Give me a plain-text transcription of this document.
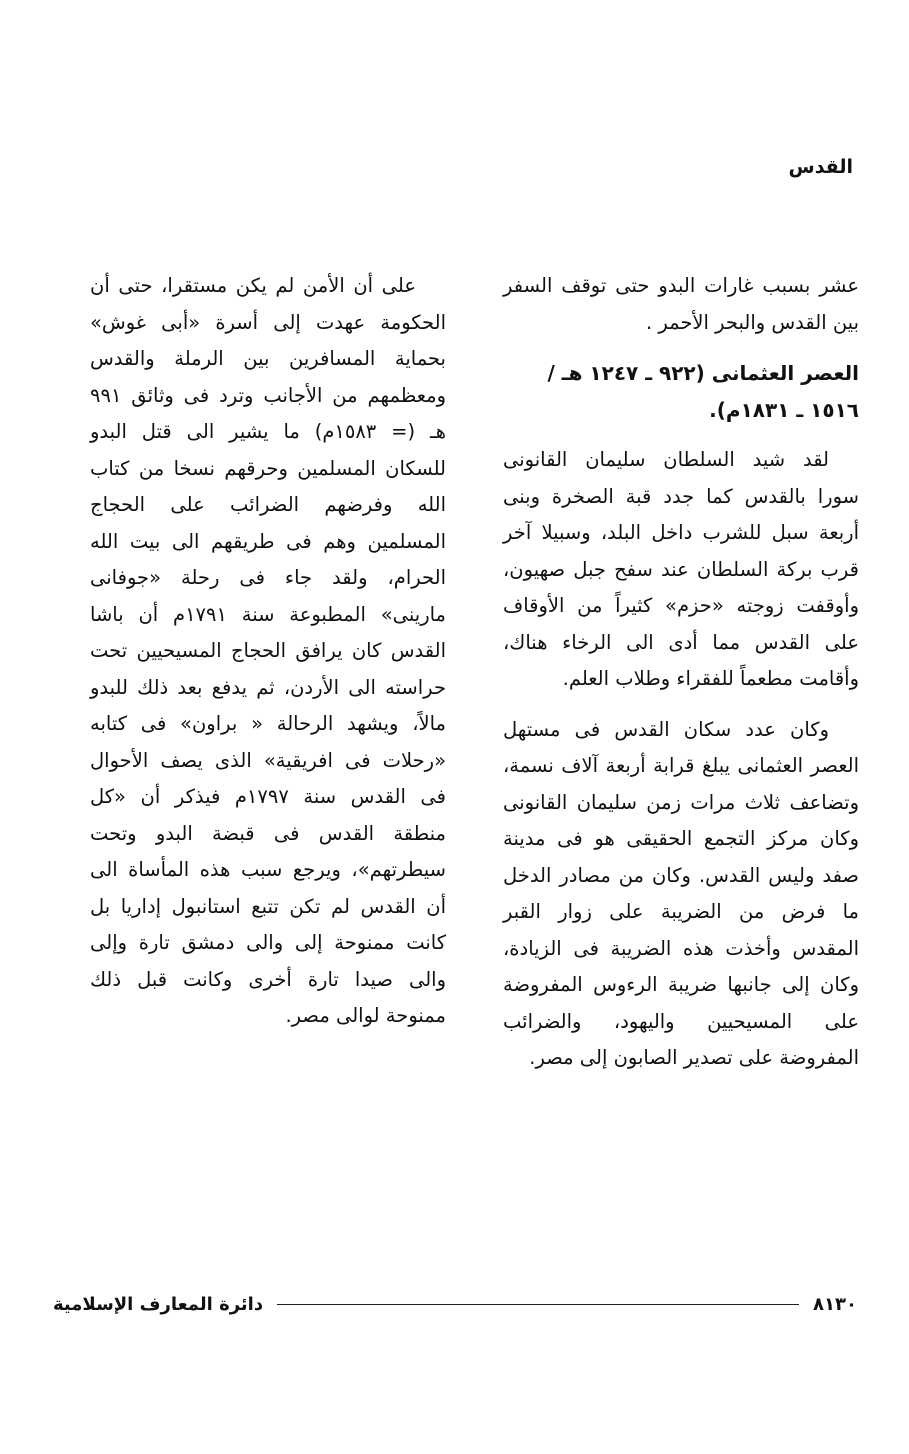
القدس

عشر بسبب غارات البدو حتى توقف السفر بين القدس والبحر الأحمر .

العصر العثمانى (٩٢٢ ـ ١٢٤٧ هـ / ١٥١٦ ـ ١٨٣١م).

لقد شيد السلطان سليمان القانونى سورا بالقدس كما جدد قبة الصخرة وبنى أربعة سبل للشرب داخل البلد، وسبيلا آخر قرب بركة السلطان عند سفح جبل صهيون، وأوقفت زوجته «حزم» كثيراً من الأوقاف على القدس مما أدى الى الرخاء هناك، وأقامت مطعماً للفقراء وطلاب العلم.

وكان عدد سكان القدس فى مستهل العصر العثمانى يبلغ قرابة أربعة آلاف نسمة، وتضاعف ثلاث مرات زمن سليمان القانونى وكان مركز التجمع الحقيقى هو فى مدينة صفد وليس القدس. وكان من مصادر الدخل ما فرض من الضريبة على زوار القبر المقدس وأخذت هذه الضريبة فى الزيادة، وكان إلى جانبها ضريبة الرءوس المفروضة على المسيحيين واليهود، والضرائب المفروضة على تصدير الصابون إلى مصر.

على أن الأمن لم يكن مستقرا، حتى أن الحكومة عهدت إلى أسرة «أبى غوش» بحماية المسافرين بين الرملة والقدس ومعظمهم من الأجانب وترد فى وثائق ٩٩١ هـ (= ١٥٨٣م) ما يشير الى قتل البدو للسكان المسلمين وحرقهم نسخا من كتاب الله وفرضهم الضرائب على الحجاج المسلمين وهم فى طريقهم الى بيت الله الحرام، ولقد جاء فى رحلة «جوفانى مارينى» المطبوعة سنة ١٧٩١م أن باشا القدس كان يرافق الحجاج المسيحيين تحت حراسته الى الأردن، ثم يدفع بعد ذلك للبدو مالاً، ويشهد الرحالة « براون» فى كتابه «رحلات فى افريقية» الذى يصف الأحوال فى القدس سنة ١٧٩٧م فيذكر أن «كل منطقة القدس فى قبضة البدو وتحت سيطرتهم»، ويرجع سبب هذه المأساة الى أن القدس لم تكن تتبع استانبول إداريا بل كانت ممنوحة إلى والى دمشق تارة وإلى والى صيدا تارة أخرى وكانت قبل ذلك ممنوحة لوالى مصر.

٨١٣٠
دائرة المعارف الإسلامية
